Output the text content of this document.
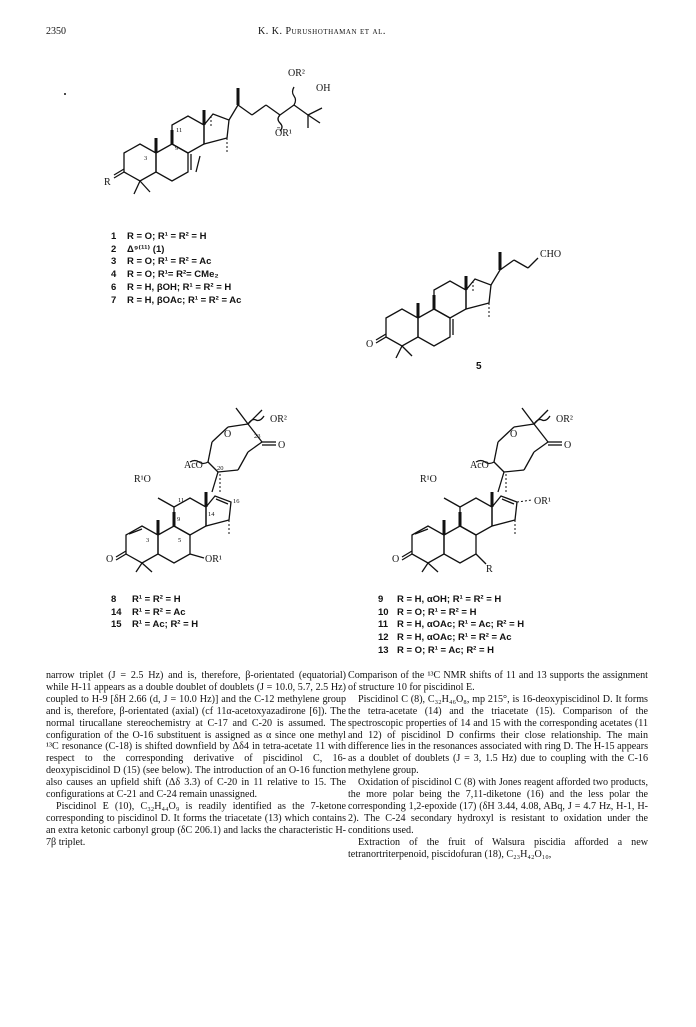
2350	K. K. Purushothaman et al.
OR²
OH
ŌR¹
11
9
3
R
1 R = O; R¹ = R² = H
2 Δ⁹⁽¹¹⁾ (1)
3 R = O; R¹ = R² = Ac
4 R = O; R¹= R²= CMe₂
6 R = H, βOH; R¹ = R² = H
7 R = H, βOAc; R¹ = R² = Ac
CHO
O
5
OR²
O	23
20
AcO
R¹O
11
9
14
16
3	5
OR¹
O
O
8 R¹ = R² = H
14 R¹ = R² = Ac
15 R¹ = Ac; R² = H
OR²
O
O
AcO
R¹O
OR¹
O
R
9 R = H, αOH; R¹ = R² = H
10 R = O; R¹ = R² = H
11 R = H, αOAc; R¹ = Ac; R² = H
12 R = H, αOAc; R¹ = R² = Ac
13 R = O; R¹ = Ac; R² = H

narrow triplet (J = 2.5 Hz) and is, therefore, β-orientated (equatorial) while H-11 appears as a double doublet of doublets (J = 10.0, 5.7, 2.5 Hz) coupled to H-9 [δH 2.66 (d, J = 10.0 Hz)] and the C-12 methylene group and is, therefore, β-orientated (axial) (cf 11α-acetoxyazadirone [6]). The normal tirucallane stereochemistry at C-17 and C-20 is assumed. The configuration of the O-16 substituent is assigned as α since one methyl ¹³C resonance (C-18) is shifted downfield by Δδ4 in tetra-acetate 11 with respect to the corresponding derivative of piscidinol C, 16-deoxypiscidinol D (15) (see below). The introduction of an O-16 function also causes an upfield shift (Δδ 3.3) of C-20 in 11 relative to 15. The configurations at C-21 and C-24 remain unassigned.

Piscidinol E (10), C₃₂H₄₄O₉ is readily identified as the 7-ketone corresponding to piscidinol D. It forms the triacetate (13) which contains an extra ketonic carbonyl group (δC 206.1) and lacks the characteristic H-7β triplet.

Comparison of the ¹³C NMR shifts of 11 and 13 supports the assignment of structure 10 for piscidinol E.

Piscidinol C (8), C₃₂H₄₆O₈, mp 215°, is 16-deoxypiscidinol D. It forms the tetra-acetate (14) and the triacetate (15). Comparison of the spectroscopic properties of 14 and 15 with the corresponding acetates (11 and 12) of piscidinol D confirms their close relationship. The main difference lies in the resonances associated with ring D. The H-15 appears as a doublet of doublets (J = 3, 1.5 Hz) due to coupling with the C-16 methylene group.

Oxidation of piscidinol C (8) with Jones reagent afforded two products, the more polar being the 7,11-diketone (16) and the less polar the corresponding 1,2-epoxide (17) (δH 3.44, 4.08, ABq, J = 4.7 Hz, H-1, H-2). The C-24 secondary hydroxyl is resistant to oxidation under the conditions used.

Extraction of the fruit of Walsura piscidia afforded a new tetranortriterpenoid, piscidofuran (18), C₂₃H₄₂O₁₀,
